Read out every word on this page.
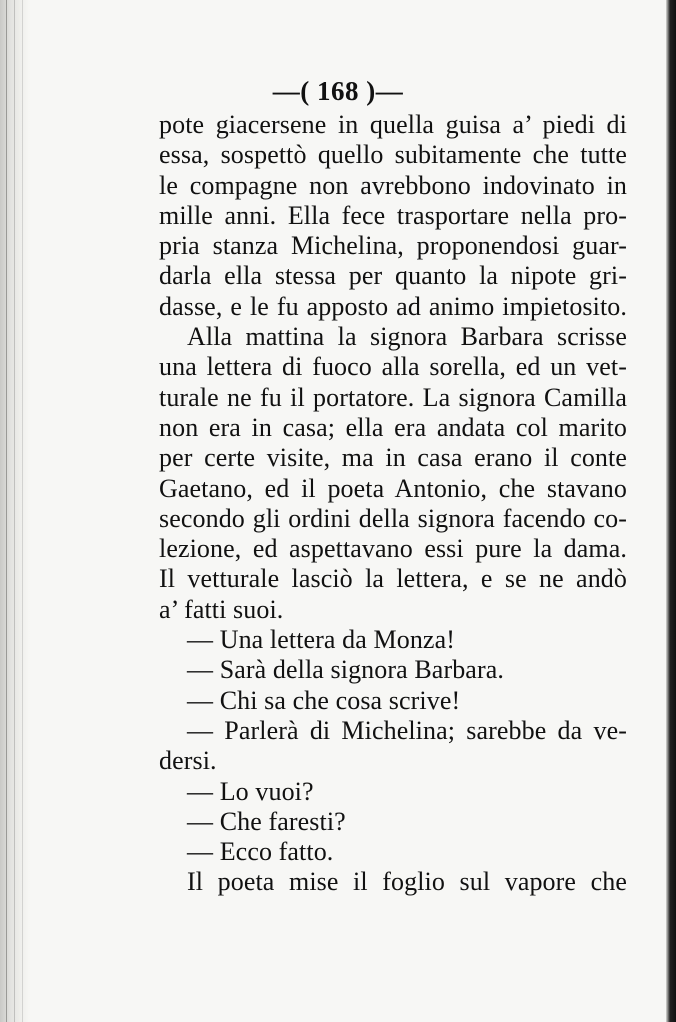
—( 168 )—
pote giacersene in quella guisa a’ piedi di
essa, sospettò quello subitamente che tutte
le compagne non avrebbono indovinato in
mille anni. Ella fece trasportare nella pro-
pria stanza Michelina, proponendosi guar-
darla ella stessa per quanto la nipote gri-
dasse, e le fu apposto ad animo impietosito.
Alla mattina la signora Barbara scrisse
una lettera di fuoco alla sorella, ed un vet-
turale ne fu il portatore. La signora Camilla
non era in casa; ella era andata col marito
per certe visite, ma in casa erano il conte
Gaetano, ed il poeta Antonio, che stavano
secondo gli ordini della signora facendo co-
lezione, ed aspettavano essi pure la dama.
Il vetturale lasciò la lettera, e se ne andò
a’ fatti suoi.
— Una lettera da Monza!
— Sarà della signora Barbara.
— Chi sa che cosa scrive!
— Parlerà di Michelina; sarebbe da ve-
dersi.
— Lo vuoi?
— Che faresti?
— Ecco fatto.
Il poeta mise il foglio sul vapore che
